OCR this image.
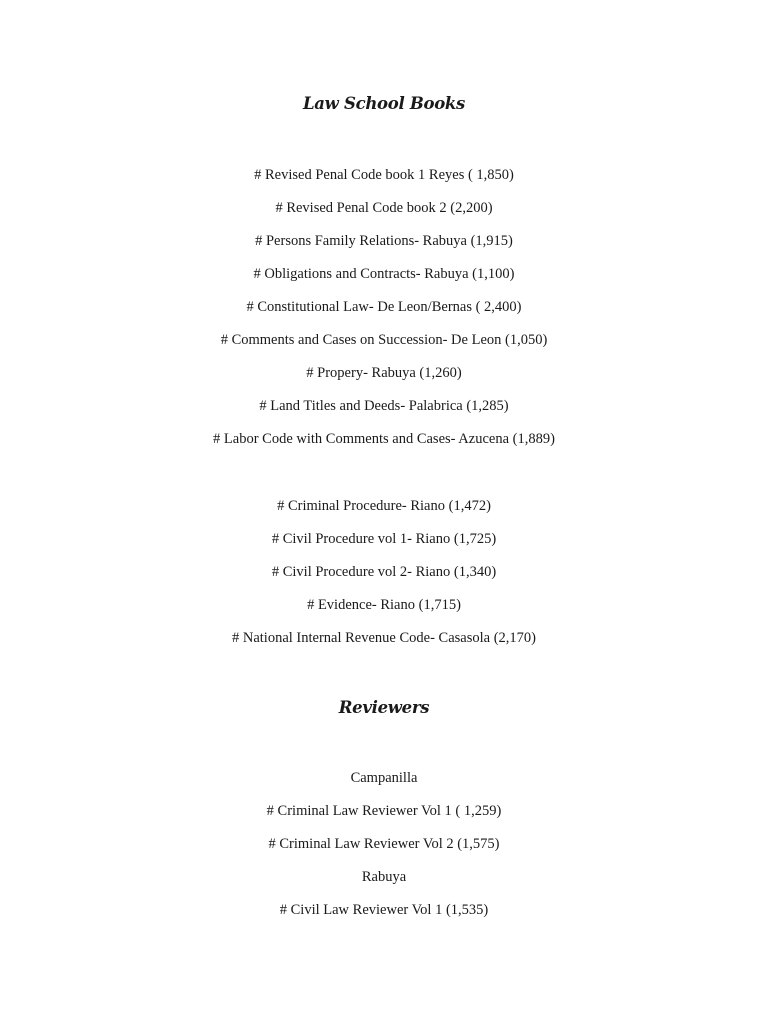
Law School Books
# Revised Penal Code book 1 Reyes ( 1,850)
# Revised Penal Code book 2 (2,200)
# Persons Family Relations- Rabuya (1,915)
# Obligations and Contracts- Rabuya (1,100)
# Constitutional Law- De Leon/Bernas ( 2,400)
# Comments and Cases on Succession- De Leon (1,050)
# Propery- Rabuya (1,260)
# Land Titles and Deeds- Palabrica (1,285)
# Labor Code with Comments and Cases- Azucena (1,889)
# Criminal Procedure- Riano (1,472)
# Civil Procedure vol 1- Riano (1,725)
# Civil Procedure vol 2- Riano (1,340)
# Evidence- Riano (1,715)
# National Internal Revenue Code- Casasola (2,170)
Reviewers
Campanilla
# Criminal Law Reviewer Vol 1 ( 1,259)
# Criminal Law Reviewer Vol 2 (1,575)
Rabuya
# Civil Law Reviewer Vol 1 (1,535)
